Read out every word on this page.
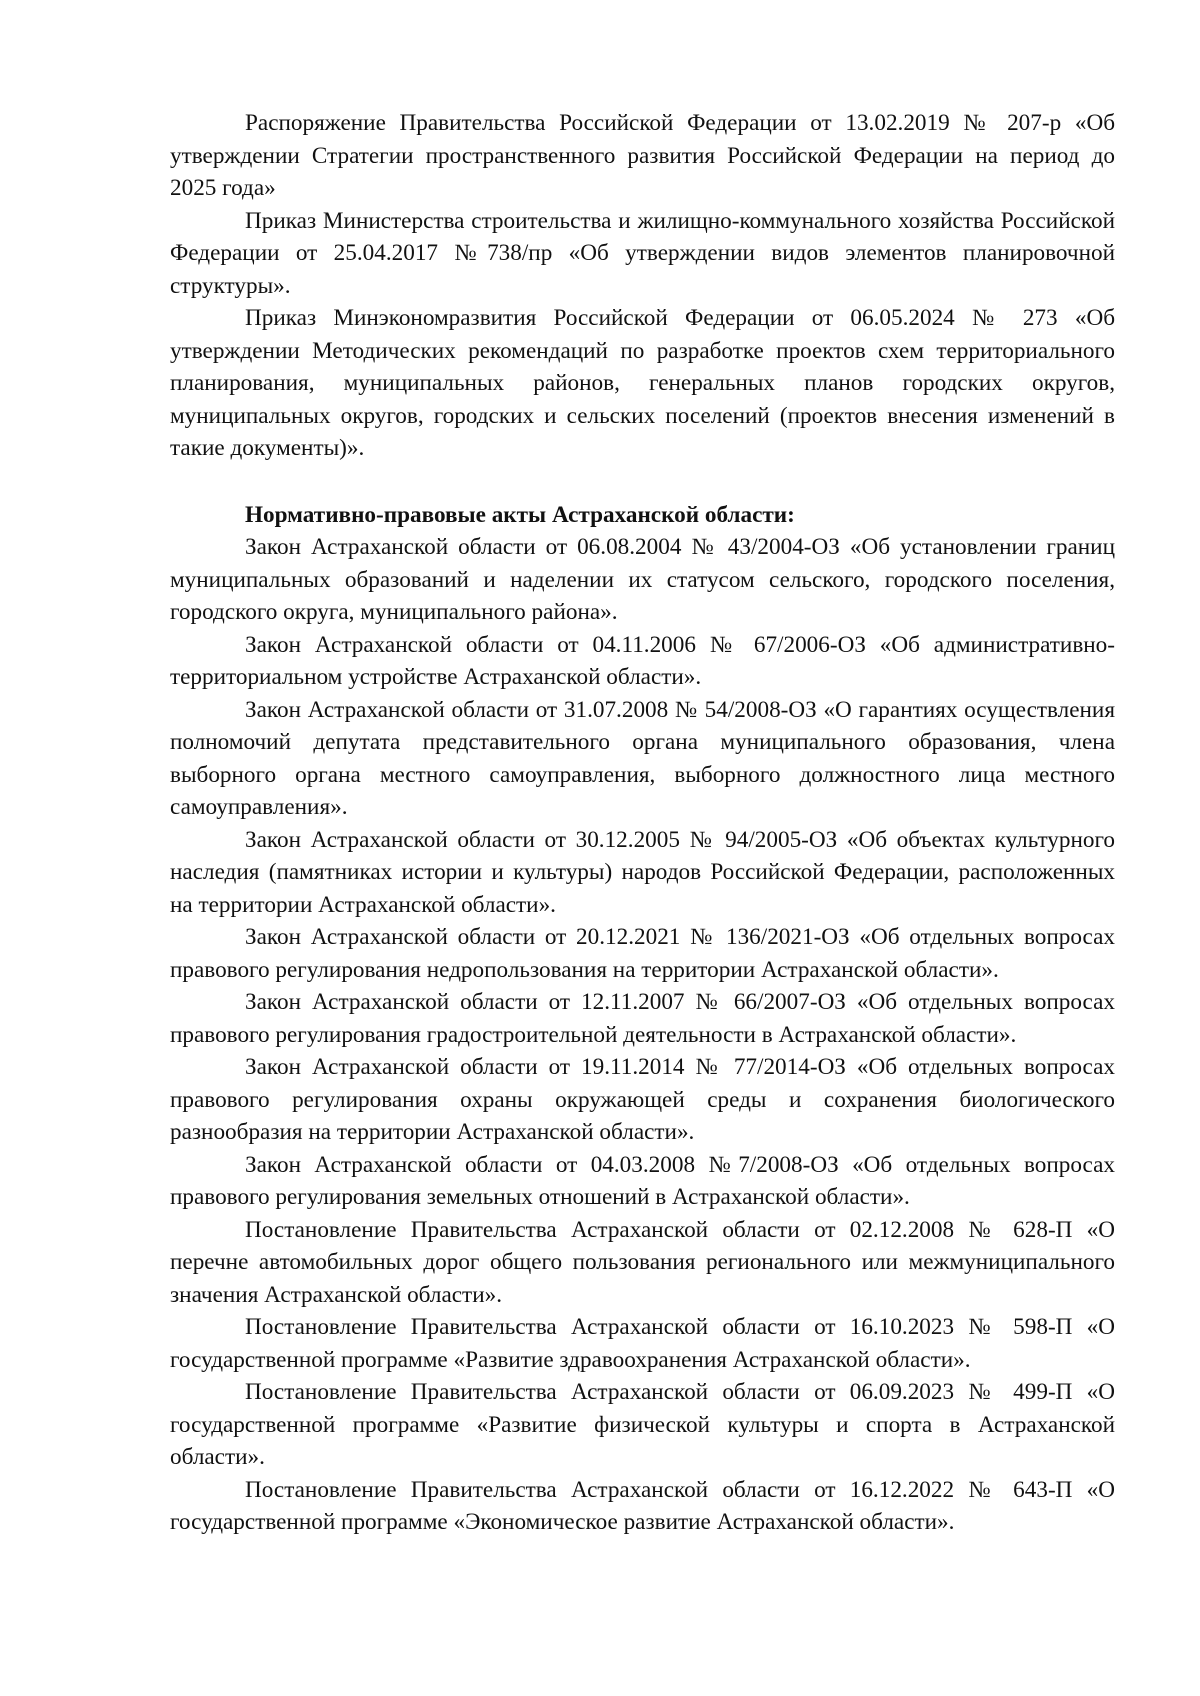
Распоряжение Правительства Российской Федерации от 13.02.2019 № 207-р «Об утверждении Стратегии пространственного развития Российской Федерации на период до 2025 года»

Приказ Министерства строительства и жилищно-коммунального хозяйства Российской Федерации от 25.04.2017 №738/пр «Об утверждении видов элементов планировочной структуры».

Приказ Минэкономразвития Российской Федерации от 06.05.2024 № 273 «Об утверждении Методических рекомендаций по разработке проектов схем территориального планирования, муниципальных районов, генеральных планов городских округов, муниципальных округов, городских и сельских поселений (проектов внесения изменений в такие документы)».

Нормативно-правовые акты Астраханской области:

Закон Астраханской области от 06.08.2004 № 43/2004-ОЗ «Об установлении границ муниципальных образований и наделении их статусом сельского, городского поселения, городского округа, муниципального района».

Закон Астраханской области от 04.11.2006 № 67/2006-ОЗ «Об административно-территориальном устройстве Астраханской области».

Закон Астраханской области от 31.07.2008 № 54/2008-ОЗ «О гарантиях осуществления полномочий депутата представительного органа муниципального образования, члена выборного органа местного самоуправления, выборного должностного лица местного самоуправления».

Закон Астраханской области от 30.12.2005 № 94/2005-ОЗ «Об объектах культурного наследия (памятниках истории и культуры) народов Российской Федерации, расположенных на территории Астраханской области».

Закон Астраханской области от 20.12.2021 № 136/2021-ОЗ «Об отдельных вопросах правового регулирования недропользования на территории Астраханской области».

Закон Астраханской области от 12.11.2007 № 66/2007-ОЗ «Об отдельных вопросах правового регулирования градостроительной деятельности в Астраханской области».

Закон Астраханской области от 19.11.2014 № 77/2014-ОЗ «Об отдельных вопросах правового регулирования охраны окружающей среды и сохранения биологического разнообразия на территории Астраханской области».

Закон Астраханской области от 04.03.2008 №7/2008-ОЗ «Об отдельных вопросах правового регулирования земельных отношений в Астраханской области».

Постановление Правительства Астраханской области от 02.12.2008 № 628-П «О перечне автомобильных дорог общего пользования регионального или межмуниципального значения Астраханской области».

Постановление Правительства Астраханской области от 16.10.2023 № 598-П «О государственной программе «Развитие здравоохранения Астраханской области».

Постановление Правительства Астраханской области от 06.09.2023 № 499-П «О государственной программе «Развитие физической культуры и спорта в Астраханской области».

Постановление Правительства Астраханской области от 16.12.2022 № 643-П «О государственной программе «Экономическое развитие Астраханской области».
